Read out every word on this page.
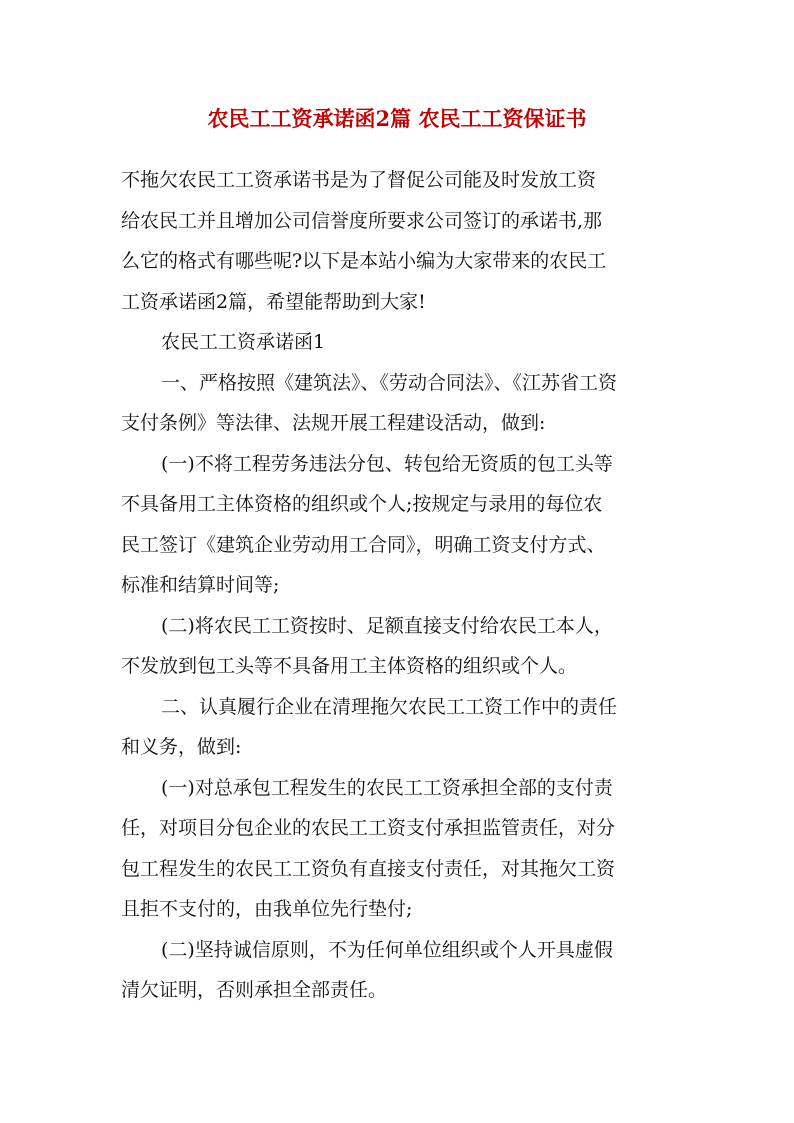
农民工工资承诺函2篇 农民工工资保证书

不拖欠农民工工资承诺书是为了督促公司能及时发放工资
给农民工并且增加公司信誉度所要求公司签订的承诺书,那
么它的格式有哪些呢?以下是本站小编为大家带来的农民工
工资承诺函2篇，希望能帮助到大家!

农民工工资承诺函1

一、严格按照《建筑法》、《劳动合同法》、《江苏省工资
支付条例》等法律、法规开展工程建设活动，做到:

(一)不将工程劳务违法分包、转包给无资质的包工头等
不具备用工主体资格的组织或个人;按规定与录用的每位农
民工签订《建筑企业劳动用工合同》，明确工资支付方式、
标准和结算时间等;

(二)将农民工工资按时、足额直接支付给农民工本人，
不发放到包工头等不具备用工主体资格的组织或个人。

二、认真履行企业在清理拖欠农民工工资工作中的责任
和义务，做到:

(一)对总承包工程发生的农民工工资承担全部的支付责
任，对项目分包企业的农民工工资支付承担监管责任，对分
包工程发生的农民工工资负有直接支付责任，对其拖欠工资
且拒不支付的，由我单位先行垫付;

(二)坚持诚信原则，不为任何单位组织或个人开具虚假
清欠证明，否则承担全部责任。
